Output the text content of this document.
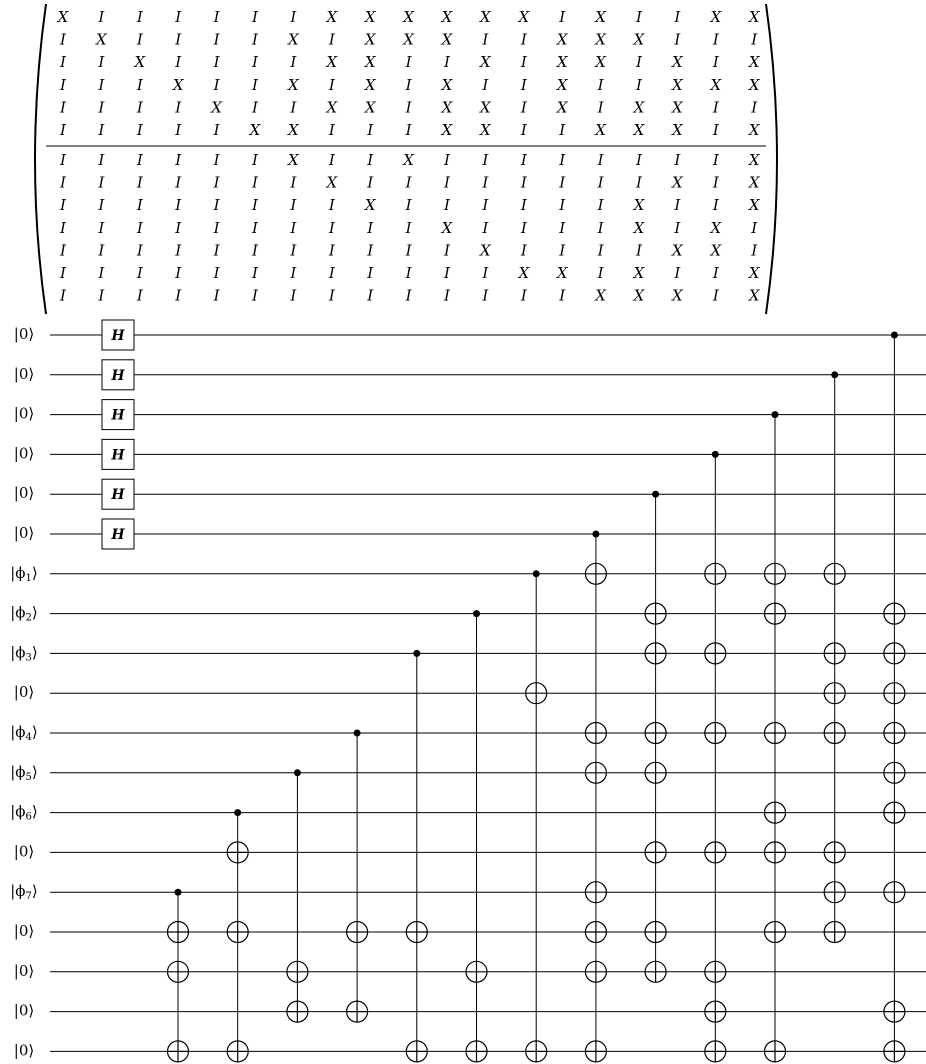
X I I I I I I X X X X X X I X I I X X
I X I I I I X I X X X I I X X X I I I
I I X I I I I X X I I X I X X I X I X
I I I X I I X I X I X I I X I I X X X
I I I I X I I X X I X X I X I X X I I
I I I I I X X I I I X X I I X X X I X
I I I I I I X I I X I I I I I I I I X
I I I I I I I X I I I I I I I I X I X
I I I I I I I I X I I I I I I X I I X
I I I I I I I I I I X I I I I X I X I
I I I I I I I I I I I X I I I I X X I
I I I I I I I I I I I I X X I X I I X
I I I I I I I I I I I I I I X X X I X
|0⟩
|0⟩
|0⟩
|0⟩
|0⟩
|0⟩
$|\phi_1⟩$
$|\phi_2⟩$
$|\phi_3⟩$
|0⟩
$|\phi_4⟩$
$|\phi_5⟩$
$|\phi_6⟩$
|0⟩
$|\phi_7⟩$
|0⟩
|0⟩
|0⟩
|0⟩
H
H
H
H
H
H
